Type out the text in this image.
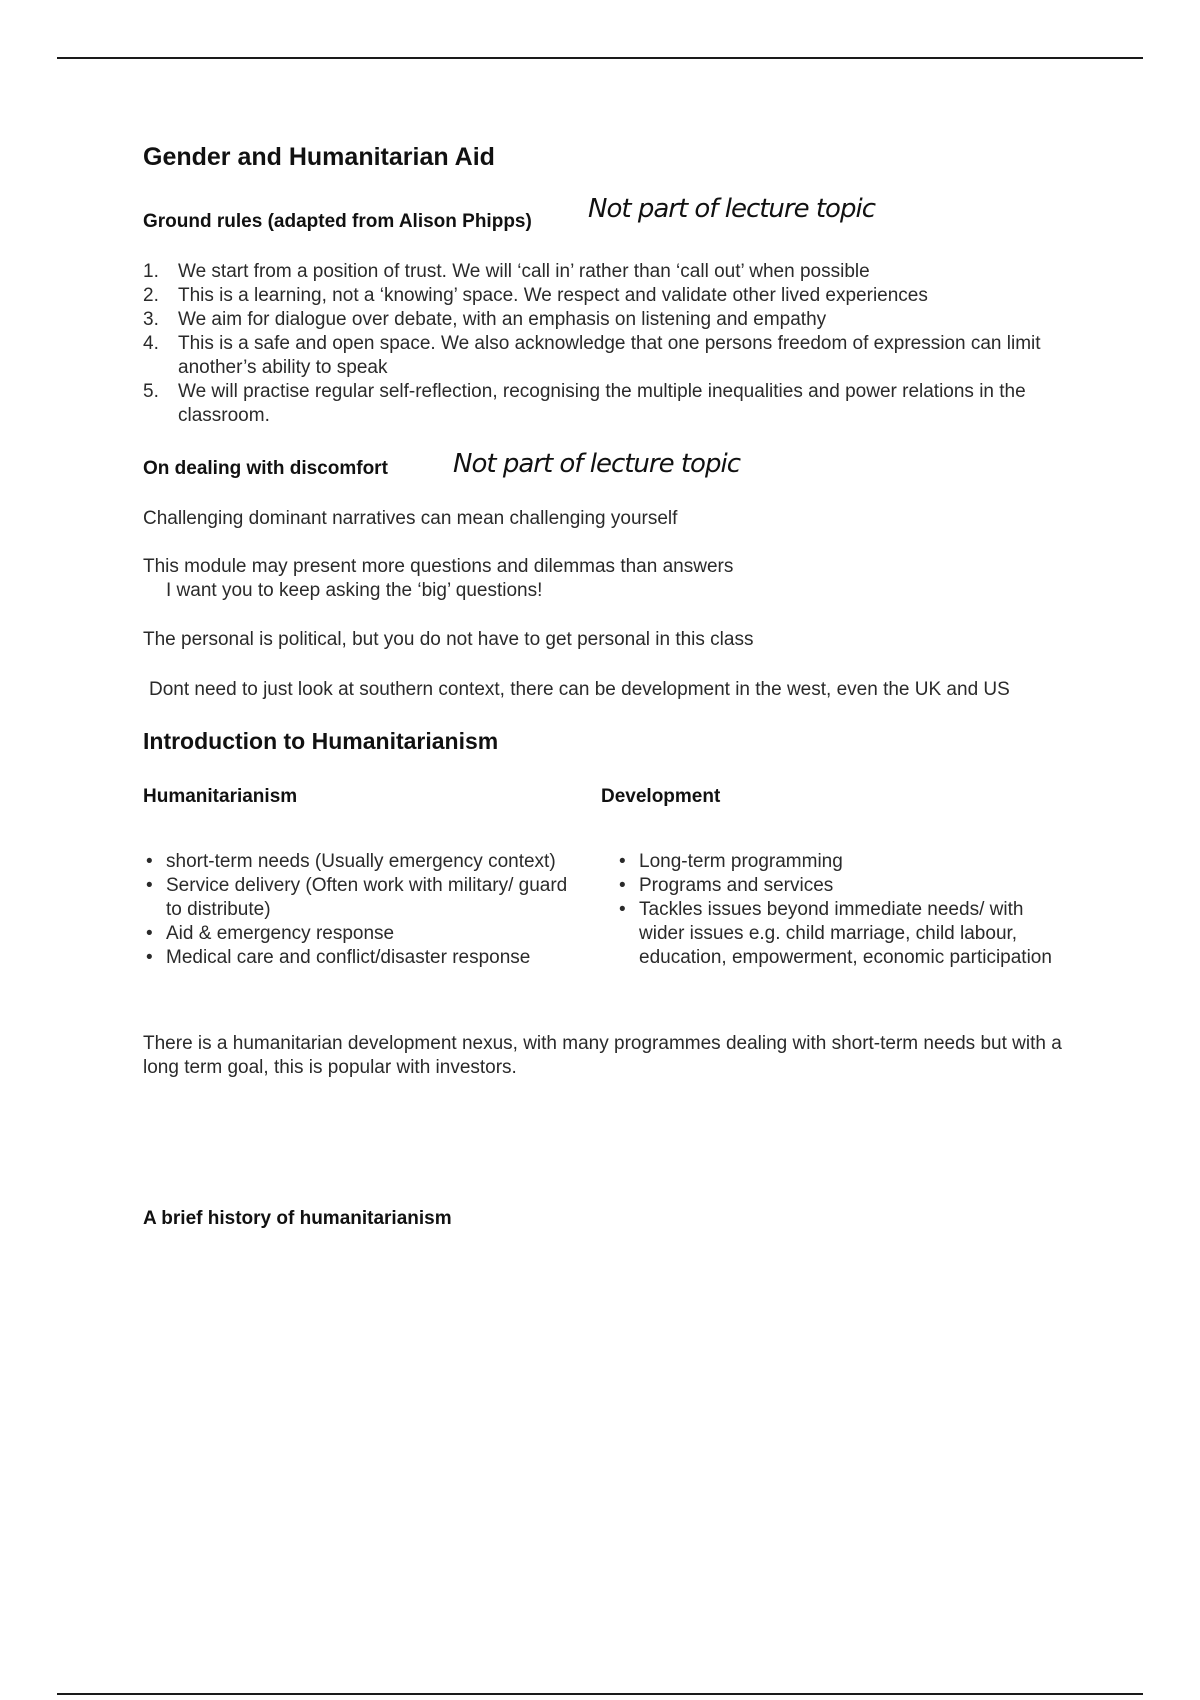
Gender and Humanitarian Aid
Ground rules (adapted from Alison Phipps) Not part of lecture topic
1. We start from a position of trust. We will ‘call in’ rather than ‘call out’ when possible
2. This is a learning, not a ‘knowing’ space. We respect and validate other lived experiences
3. We aim for dialogue over debate, with an emphasis on listening and empathy
4. This is a safe and open space. We also acknowledge that one persons freedom of expression can limit another’s ability to speak
5. We will practise regular self-reflection, recognising the multiple inequalities and power relations in the classroom.
On dealing with discomfort	Not part of lecture topic
Challenging dominant narratives can mean challenging yourself
This module may present more questions and dilemmas than answers
I want you to keep asking the ‘big’ questions!
The personal is political, but you do not have to get personal in this class
Dont need to just look at southern context, there can be development in the west, even the UK and US
Introduction to Humanitarianism
Humanitarianism	Development
• short-term needs (Usually emergency context)
• Service delivery (Often work with military/ guard to distribute)
• Aid & emergency response
• Medical care and conflict/disaster response
• Long-term programming
• Programs and services
• Tackles issues beyond immediate needs/ with wider issues e.g. child marriage, child labour, education, empowerment, economic participation
There is a humanitarian development nexus, with many programmes dealing with short-term needs but with a long term goal, this is popular with investors.
A brief history of humanitarianism
